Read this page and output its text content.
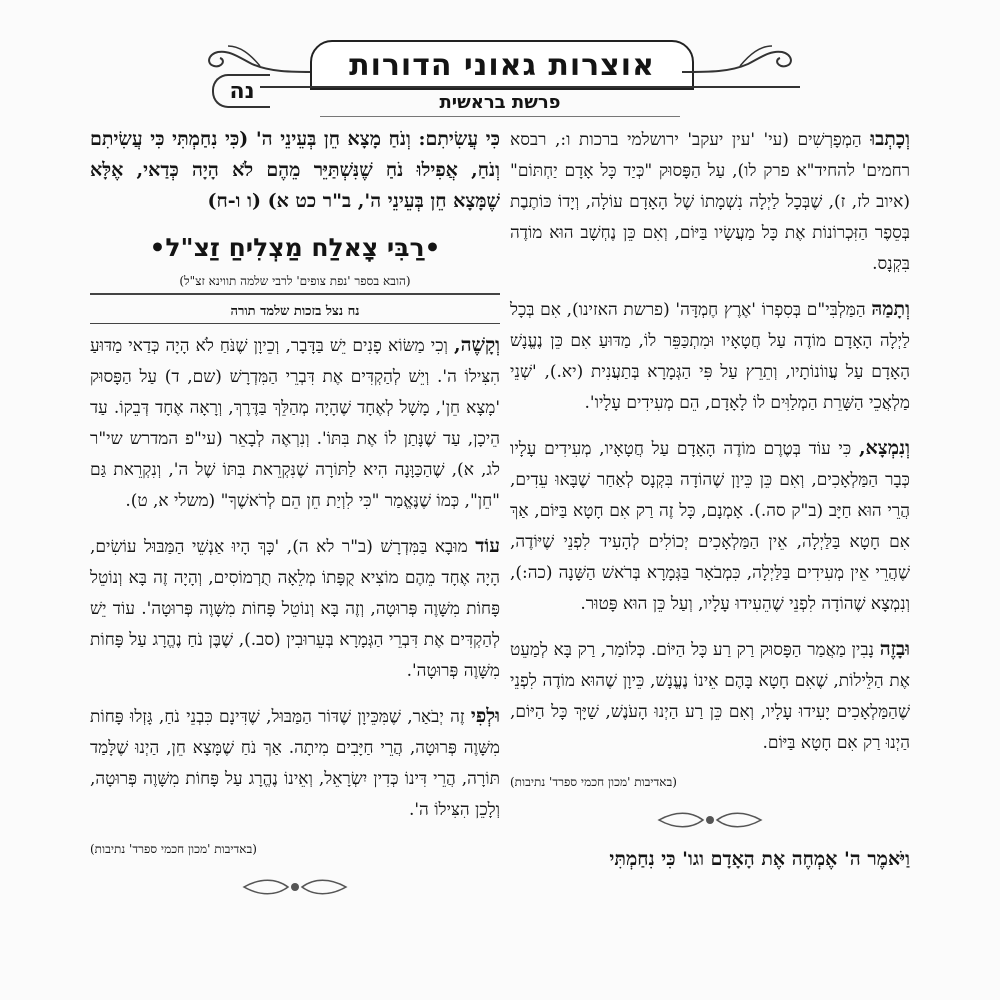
אוצרות גאוני הדורות
נה	פרשת בראשית

וְכָתְבוּ הַמְפָרְשִׁים (עי' 'עין יעקב' ירושלמי ברכות ו:, רבסא רחמים' להחיד"א פרק לו), עַל הַפָּסוּק "כְּיַד כָּל אָדָם יַחְתּוֹם" (איוב לז, ז), שֶׁבְּכָל לַיְלָה נִשְׁמָתוֹ שֶׁל הָאָדָם עוֹלָה, וְיָדוֹ כּוֹתֶבֶת בְּסֵפֶר הַזִּכְרוֹנוֹת אֶת כָּל מַעֲשָׂיו בַּיּוֹם, וְאִם כֵּן נֶחְשָׁב הוּא מוֹדֶה בִּקְנָס.

וְתָמַהּ הַמַּלְבִּי"ם בְּסִפְרוֹ 'אֶרֶץ חֶמְדָּה' (פרשת האזינו), אִם בְּכָל לַיְלָה הָאָדָם מוֹדֶה עַל חֲטָאָיו וּמִתְכַּפֵּר לוֹ, מַדּוּעַ אִם כֵּן נֶעֱנָשׁ הָאָדָם עַל עֲווֹנוֹתָיו, וְתֵרֵץ עַל פִּי הַגְּמָרָא בְּתַעֲנִית (יא.), 'שְׁנֵי מַלְאֲכֵי הַשָּׁרֵת הַמְלַוִּים לוֹ לָאָדָם, הֵם מְעִידִים עָלָיו'.

וְנִמְצָא, כִּי עוֹד בְּטֶרֶם מוֹדֶה הָאָדָם עַל חֲטָאָיו, מְעִידִים עָלָיו כְּבָר הַמַּלְאָכִים, וְאִם כֵּן כֵּיוָן שֶׁהוֹדָה בִּקְנָס לְאַחַר שֶׁבָּאוּ עֵדִים, הֲרֵי הוּא חַיָּב (ב"ק סה.). אָמְנָם, כָּל זֶה רַק אִם חָטָא בַּיּוֹם, אַךְ אִם חָטָא בַּלַּיְלָה, אֵין הַמַּלְאָכִים יְכוֹלִים לְהָעִיד לִפְנֵי שֶׁיּוֹדֶה, שֶׁהֲרֵי אֵין מְעִידִים בַּלַּיְלָה, כִּמְבֹאָר בַּגְּמָרָא בְּרֹאשׁ הַשָּׁנָה (כה:), וְנִמְצָא שֶׁהוֹדָה לִפְנֵי שֶׁהֵעִידוּ עָלָיו, וְעַל כֵּן הוּא פָּטוּר.

וּבָזֶה נָבִין מַאֲמַר הַפָּסוּק רַק רַע כָּל הַיּוֹם. כְּלוֹמַר, רַק בָּא לְמַעֵט אֶת הַלֵּילוֹת, שֶׁאִם חָטָא בָּהֶם אֵינוֹ נֶעֱנָשׁ, כֵּיוָן שֶׁהוּא מוֹדֶה לִפְנֵי שֶׁהַמַּלְאָכִים יָעִידוּ עָלָיו, וְאִם כֵּן רַע הַיְנוּ הָעֹנֶשׁ, שַׁיָּךְ כָּל הַיּוֹם, הַיְנוּ רַק אִם חָטָא בַּיּוֹם.

(באדיבות 'מכון חכמי ספרד' נתיבות)
וַיֹּאמֶר ה' אֶמְחֶה אֶת הָאָדָם וגו' כִּי נִחַמְתִּי

כִּי עֲשִׂיתִם: וְנֹחַ מָצָא חֵן בְּעֵינֵי ה' (כִּי נִחַמְתִּי כִּי עֲשִׂיתִם וְנֹחַ, אֲפִילוּ נֹחַ שֶׁנִּשְׁתַּיֵּר מֵהֶם לֹא הָיָה כְּדַאי, אֶלָּא שֶׁמָּצָא חֵן בְּעֵינֵי ה', ב"ר כט א) (ו ו-ח)

•רַבִּי צָאלַח מַצְלִיחַ זַצ"ל•
(הובא בספר 'נפת צופים' לרבי שלמה תווינא זצ"ל)
נח נצל בזכות שלמד תורה

וְקָשֶׁה, וְכִי מַשּׂוֹא פָנִים יֵשׁ בַּדָּבָר, וְכֵיוָן שֶׁנֹּחַ לֹא הָיָה כְּדַאי מַדּוּעַ הִצִּילוֹ ה'. וְיֵשׁ לְהַקְדִּים אֶת דִּבְרֵי הַמִּדְרָשׁ (שם, ד) עַל הַפָּסוּק 'מָצָא חֵן', מָשָׁל לְאֶחָד שֶׁהָיָה מְהַלֵּךְ בַּדֶּרֶךְ, וְרָאָה אֶחָד דְּבֵקוֹ. עַד הֵיכָן, עַד שֶׁנָּתַן לוֹ אֶת בִּתּוֹ'. וְנִרְאֶה לְבָאֵר (עי"פ המדרש שי"ר לג, א), שֶׁהַכַּוָּנָה הִיא לַתּוֹרָה שֶׁנִּקְרֵאת בִּתּוֹ שֶׁל ה', וְנִקְרֵאת גַּם "חֵן", כְּמוֹ שֶׁנֶּאֱמַר "כִּי לִוְיַת חֵן הֵם לְרֹאשֶׁךָ" (משלי א, ט).

עוֹד מוּבָא בַּמִּדְרָשׁ (ב"ר לא ה), 'כָּךְ הָיוּ אַנְשֵׁי הַמַּבּוּל עוֹשִׂים, הָיָה אֶחָד מֵהֶם מוֹצִיא קֻפָּתוֹ מְלֵאָה תֻרְמוֹסִים, וְהָיָה זֶה בָּא וְנוֹטֵל פָּחוֹת מִשָּׁוֶה פְּרוּטָה, וְזֶה בָּא וְנוֹטֵל פָּחוֹת מִשָּׁוֶה פְּרוּטָה'. עוֹד יֵשׁ לְהַקְדִּים אֶת דִּבְרֵי הַגְּמָרָא בְּעֵרוּבִין (סב.), שֶׁבֶּן נֹחַ נֶהֱרָג עַל פָּחוֹת מִשָּׁוֶה פְּרוּטָה'.

וּלְפִי זֶה יְבֹאַר, שֶׁמִּכֵּיוָן שֶׁדּוֹר הַמַּבּוּל, שֶׁדִּינָם כִּבְנֵי נֹחַ, גָּזְלוּ פָּחוֹת מִשָּׁוֶה פְּרוּטָה, הֲרֵי חַיָּבִים מִיתָה. אַךְ נֹחַ שֶׁמָּצָא חֵן, הַיְנוּ שֶׁלָּמַד תּוֹרָה, הֲרֵי דִּינוֹ כְּדִין יִשְׂרָאֵל, וְאֵינוֹ נֶהֱרָג עַל פָּחוֹת מִשָּׁוֶה פְּרוּטָה, וְלָכֵן הִצִּילוֹ ה'.

(באדיבות 'מכון חכמי ספרד' נתיבות)
